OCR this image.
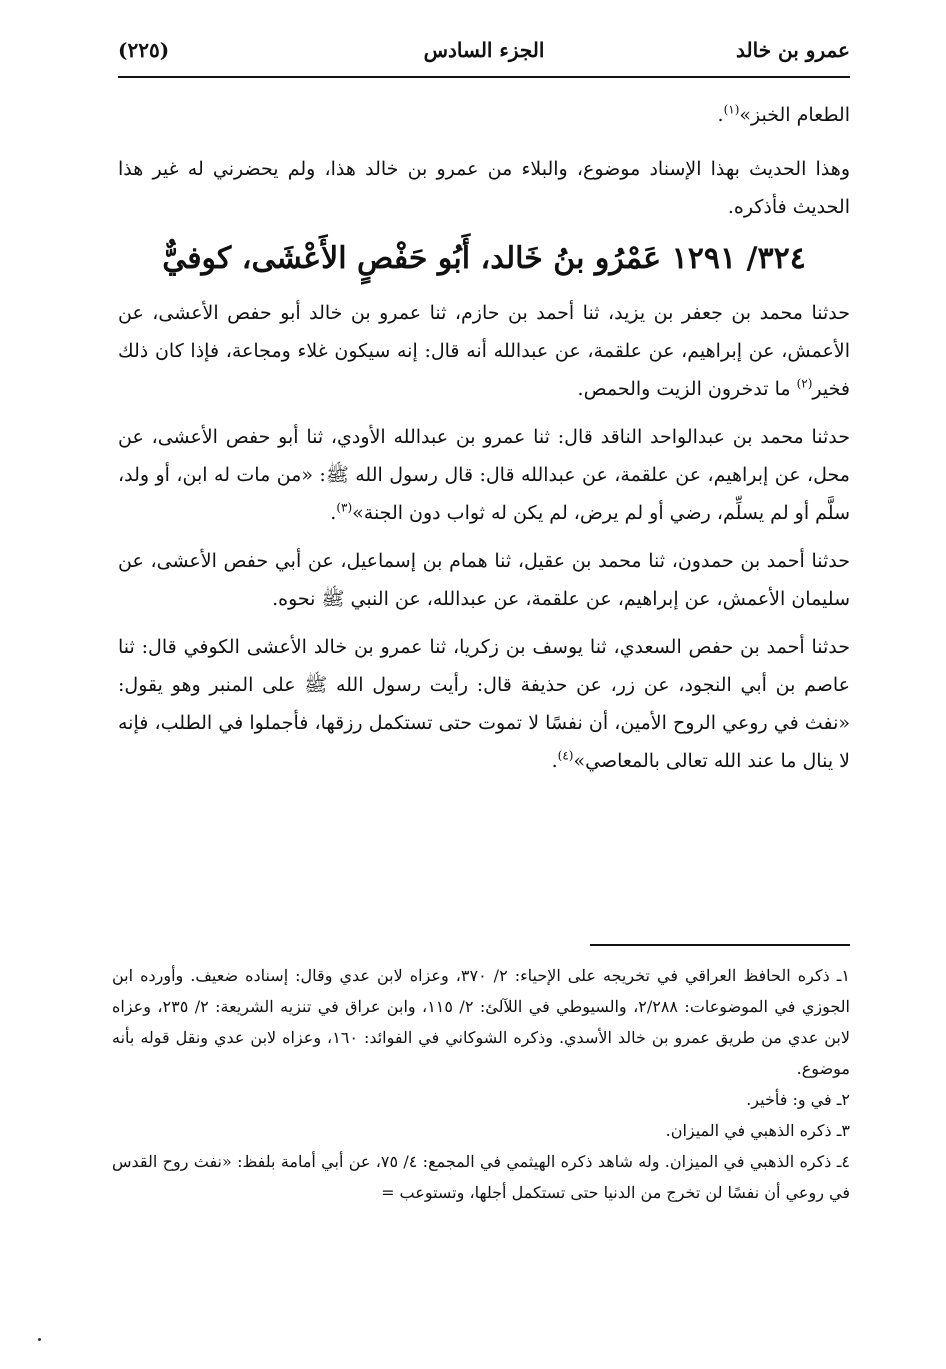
عمرو بن خالد
الجزء السادس
(٢٢٥)

الطعام الخبز»$^{(١)}$.

وهذا الحديث بهذا الإسناد موضوع، والبلاء من عمرو بن خالد هذا، ولم يحضرني له غير هذا الحديث فأذكره.

٣٢٤/ ١٢٩١ عَمْرُو بنُ خَالد، أَبُو حَفْصٍ الأَعْشَى، كوفيٌّ

حدثنا محمد بن جعفر بن يزيد، ثنا أحمد بن حازم، ثنا عمرو بن خالد أبو حفص الأعشى، عن الأعمش، عن إبراهيم، عن علقمة، عن عبدالله أنه قال: إنه سيكون غلاء ومجاعة، فإذا كان ذلك فخير$^{(٢)}$ ما تدخرون الزيت والحمص.

حدثنا محمد بن عبدالواحد الناقد قال: ثنا عمرو بن عبدالله الأودي، ثنا أبو حفص الأعشى، عن محل، عن إبراهيم، عن علقمة، عن عبدالله قال: قال رسول الله ﷺ: «من مات له ابن، أو ولد، سلَّم أو لم يسلِّم، رضي أو لم يرض، لم يكن له ثواب دون الجنة»$^{(٣)}$.

حدثنا أحمد بن حمدون، ثنا محمد بن عقيل، ثنا همام بن إسماعيل، عن أبي حفص الأعشى، عن سليمان الأعمش، عن إبراهيم، عن علقمة، عن عبدالله، عن النبي ﷺ نحوه.

حدثنا أحمد بن حفص السعدي، ثنا يوسف بن زكريا، ثنا عمرو بن خالد الأعشى الكوفي قال: ثنا عاصم بن أبي النجود، عن زر، عن حذيفة قال: رأيت رسول الله ﷺ على المنبر وهو يقول: «نفث في روعي الروح الأمين، أن نفسًا لا تموت حتى تستكمل رزقها، فأجملوا في الطلب، فإنه لا ينال ما عند الله تعالى بالمعاصي»$^{(٤)}$.

١ـ ذكره الحافظ العراقي في تخريجه على الإحياء: ٢/ ٣٧٠، وعزاه لابن عدي وقال: إسناده ضعيف. وأورده ابن الجوزي في الموضوعات: ٢/٢٨٨، والسيوطي في اللآلئ: ٢/ ١١٥، وابن عراق في تنزيه الشريعة: ٢/ ٢٣٥، وعزاه لابن عدي من طريق عمرو بن خالد الأسدي. وذكره الشوكاني في الفوائد: ١٦٠، وعزاه لابن عدي ونقل قوله بأنه موضوع.

٢ـ في و: فأخير.

٣ـ ذكره الذهبي في الميزان.

٤ـ ذكره الذهبي في الميزان. وله شاهد ذكره الهيثمي في المجمع: ٤/ ٧٥، عن أبي أمامة بلفظ: «نفث روح القدس في روعي أن نفسًا لن تخرج من الدنيا حتى تستكمل أجلها، وتستوعب =
